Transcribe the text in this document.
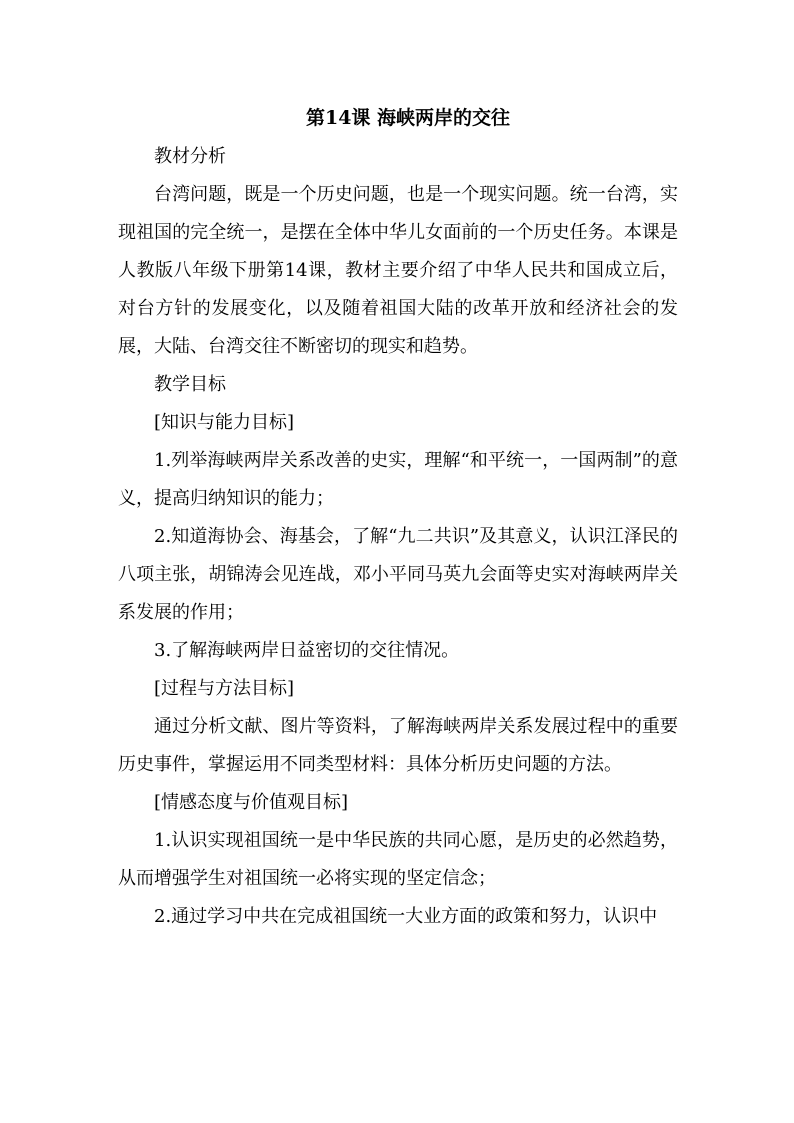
第14课 海峡两岸的交往
教材分析

台湾问题，既是一个历史问题，也是一个现实问题。统一台湾，实现祖国的完全统一，是摆在全体中华儿女面前的一个历史任务。本课是人教版八年级下册第14课，教材主要介绍了中华人民共和国成立后，对台方针的发展变化，以及随着祖国大陆的改革开放和经济社会的发展，大陆、台湾交往不断密切的现实和趋势。

教学目标
[知识与能力目标]

1.列举海峡两岸关系改善的史实，理解“和平统一，一国两制”的意义，提高归纳知识的能力；

2.知道海协会、海基会，了解“九二共识”及其意义，认识江泽民的八项主张，胡锦涛会见连战，邓小平同马英九会面等史实对海峡两岸关系发展的作用；

3.了解海峡两岸日益密切的交往情况。

[过程与方法目标]

通过分析文献、图片等资料，了解海峡两岸关系发展过程中的重要历史事件，掌握运用不同类型材料：具体分析历史问题的方法。

[情感态度与价值观目标]

1.认识实现祖国统一是中华民族的共同心愿，是历史的必然趋势，从而增强学生对祖国统一必将实现的坚定信念；

2.通过学习中共在完成祖国统一大业方面的政策和努力，认识中
